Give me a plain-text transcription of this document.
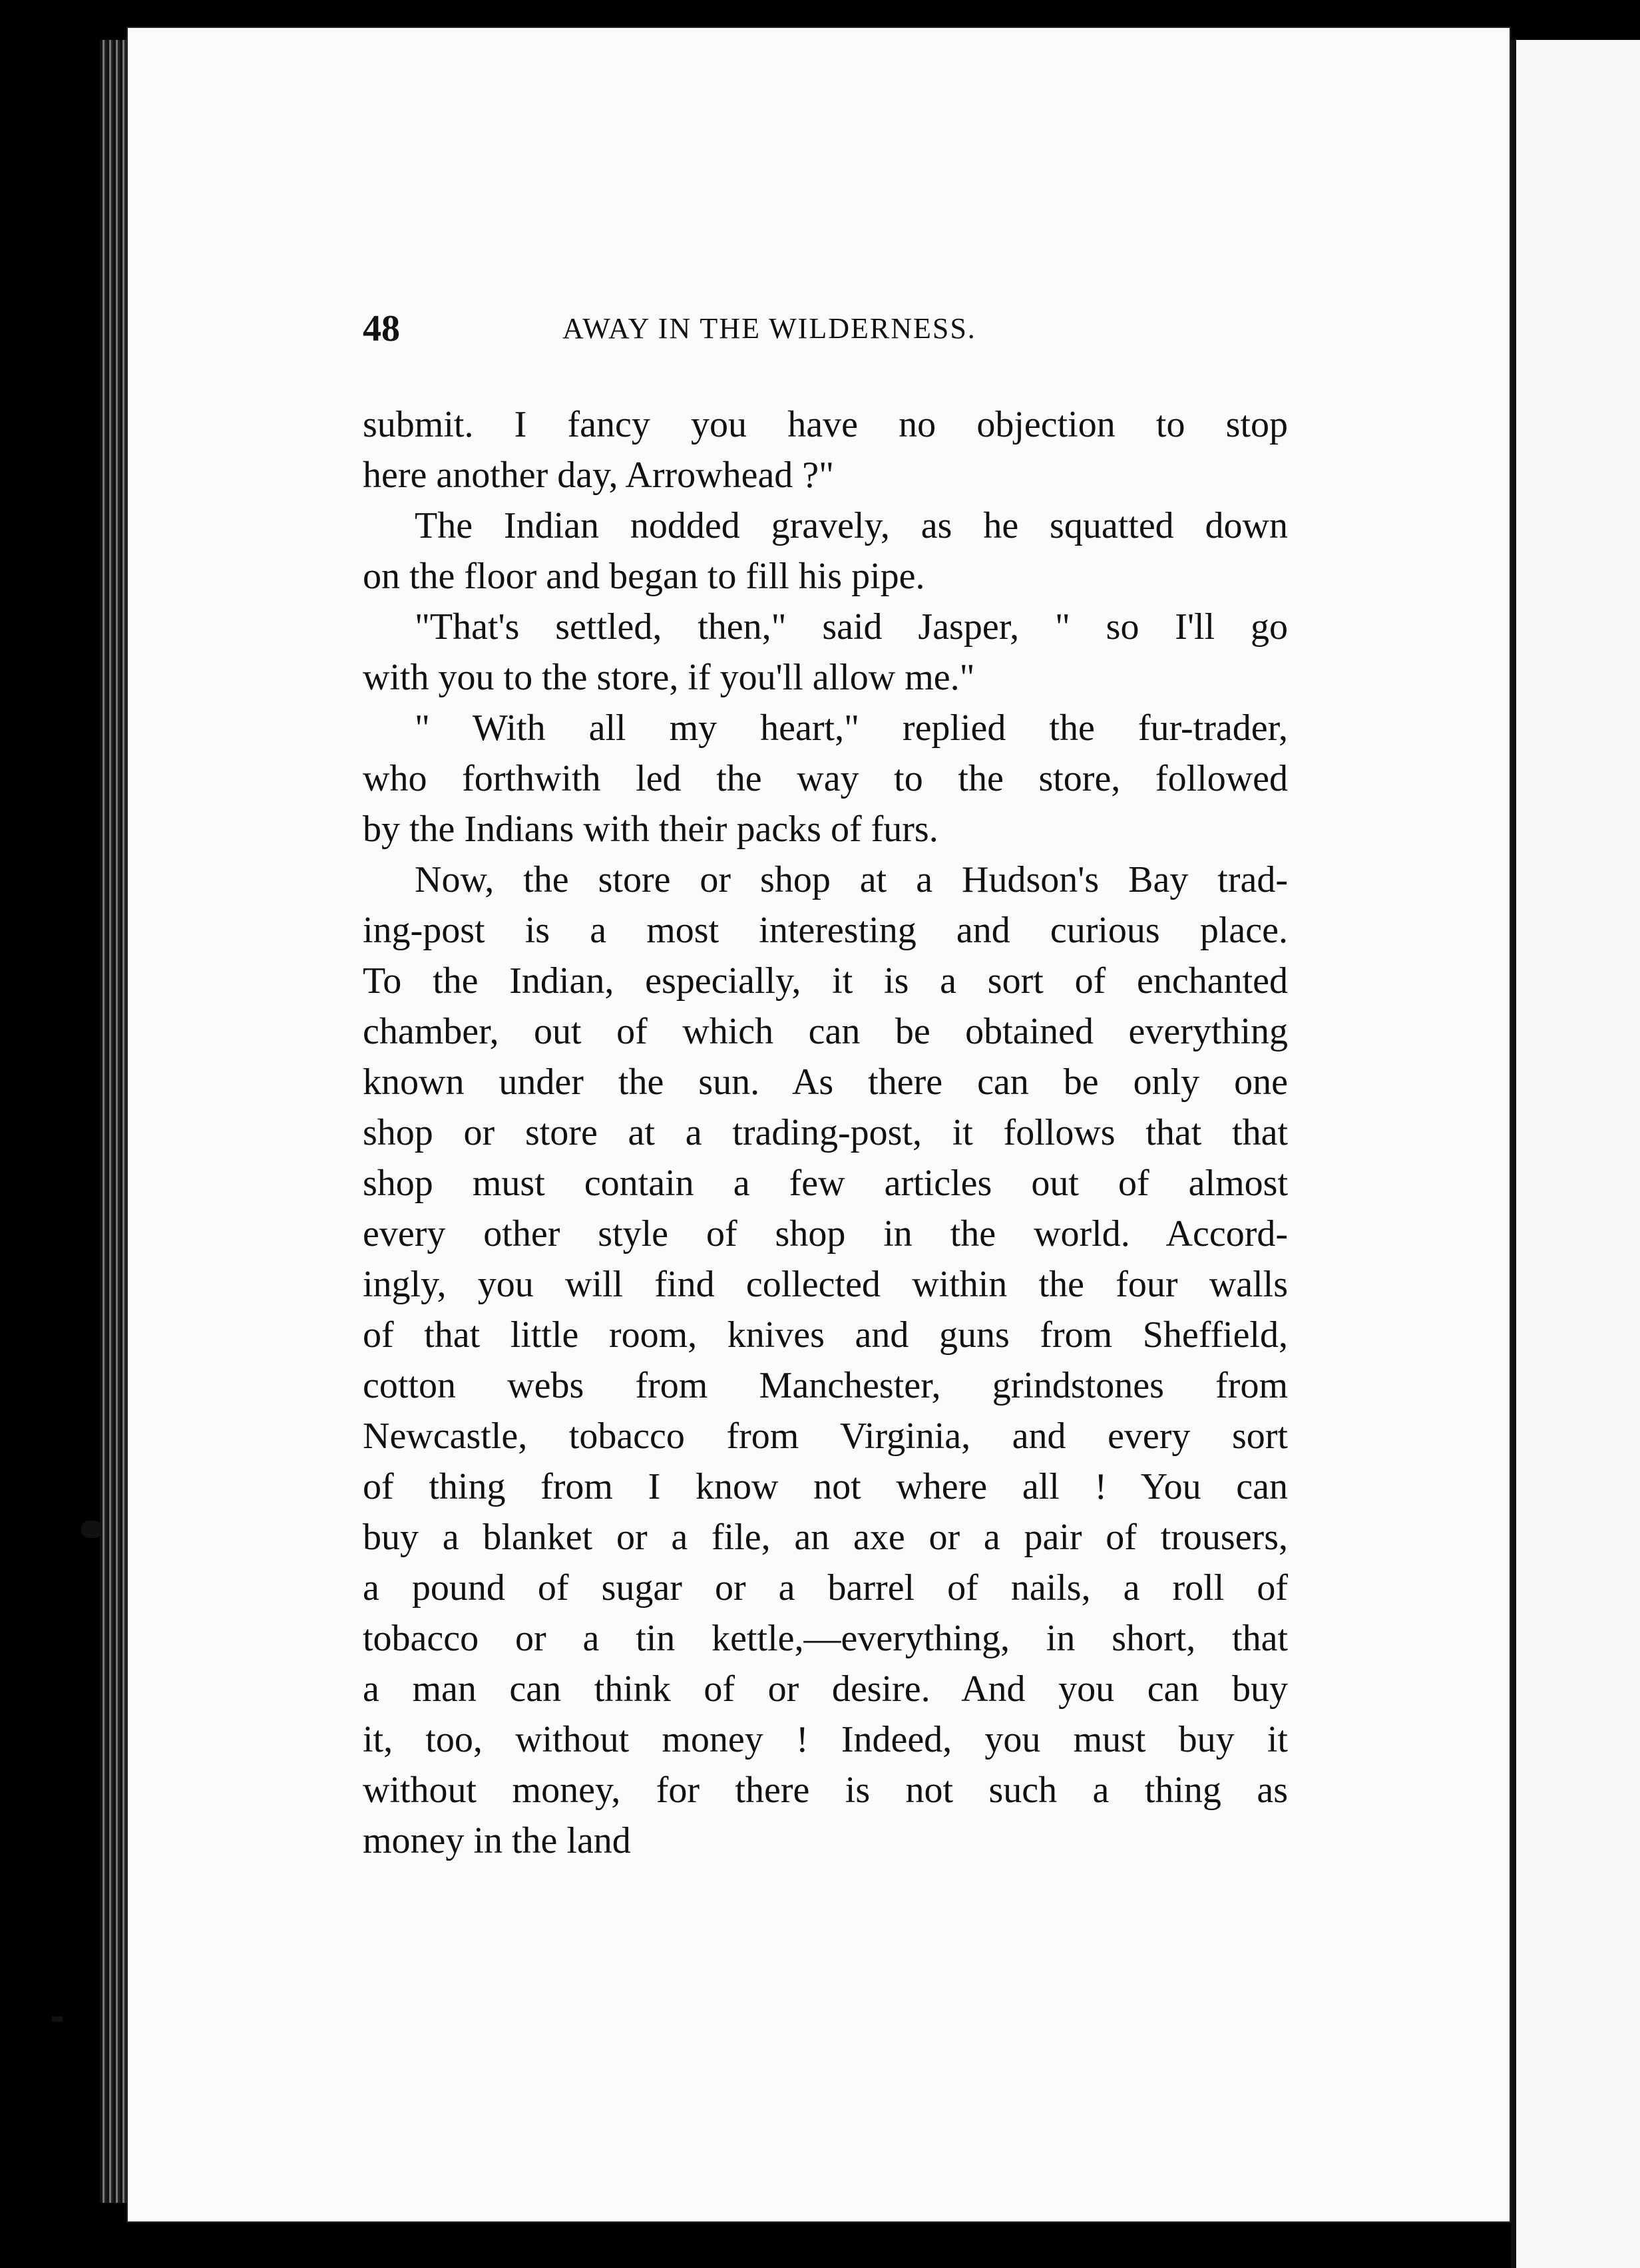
48	AWAY IN THE WILDERNESS.
submit. I fancy you have no objection to stop
here another day, Arrowhead ?"
The Indian nodded gravely, as he squatted down
on the floor and began to fill his pipe.
"That's settled, then," said Jasper, " so I'll go
with you to the store, if you'll allow me."
" With all my heart," replied the fur-trader,
who forthwith led the way to the store, followed
by the Indians with their packs of furs.
Now, the store or shop at a Hudson's Bay trad-
ing-post is a most interesting and curious place.
To the Indian, especially, it is a sort of enchanted
chamber, out of which can be obtained everything
known under the sun. As there can be only one
shop or store at a trading-post, it follows that that
shop must contain a few articles out of almost
every other style of shop in the world. Accord-
ingly, you will find collected within the four walls
of that little room, knives and guns from Sheffield,
cotton webs from Manchester, grindstones from
Newcastle, tobacco from Virginia, and every sort
of thing from I know not where all ! You can
buy a blanket or a file, an axe or a pair of trousers,
a pound of sugar or a barrel of nails, a roll of
tobacco or a tin kettle,—everything, in short, that
a man can think of or desire. And you can buy
it, too, without money ! Indeed, you must buy it
without money, for there is not such a thing as
money in the land
